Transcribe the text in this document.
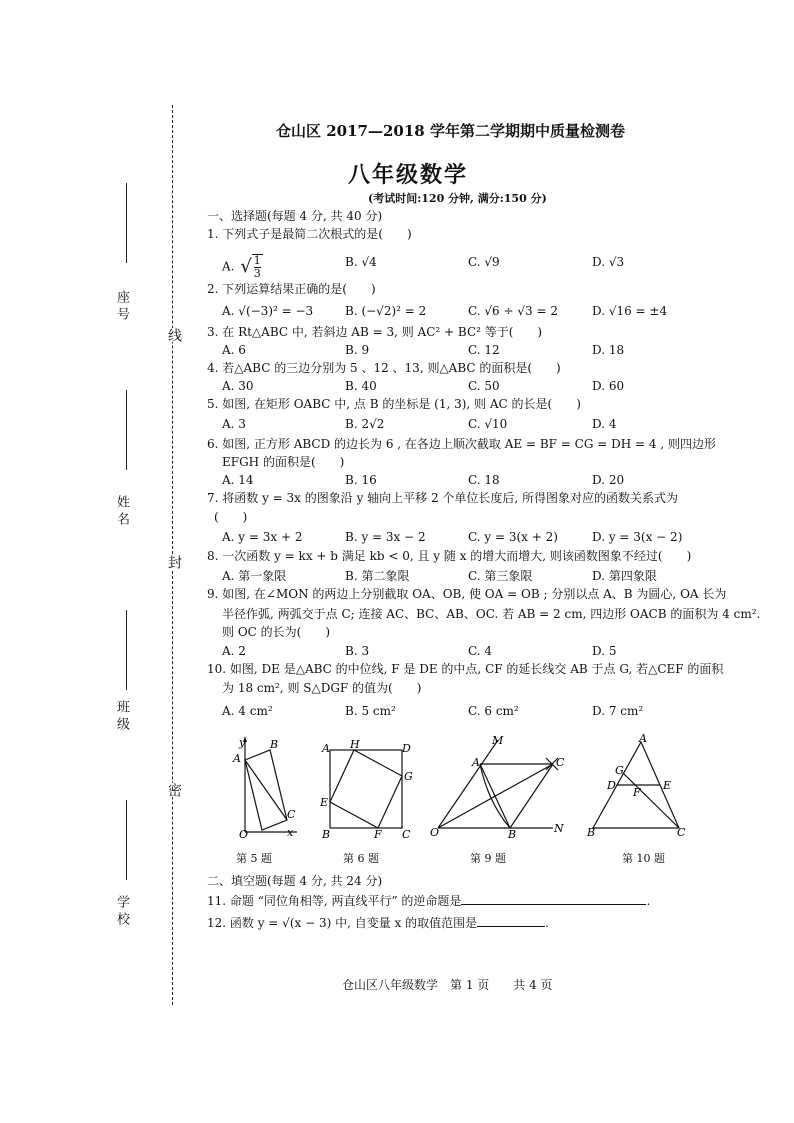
座号
姓名
班级
学校
线
封
密
仓山区 2017—2018 学年第二学期期中质量检测卷
八年级数学
(考试时间:120 分钟, 满分:150 分)
一、选择题(每题 4 分, 共 40 分)
1. 下列式子是最简二次根式的是(　　)
A. √ $\frac{1}{3}$	B. √4	C. √9	D. √3
2. 下列运算结果正确的是(　　)
A. √(−3)² = −3	B. (−√2)² = 2	C. √6 ÷ √3 = 2	D. √16 = ±4
3. 在 Rt△ABC 中, 若斜边 AB = 3, 则 AC² + BC² 等于(　　)
A. 6	B. 9	C. 12	D. 18
4. 若△ABC 的三边分别为 5 、12 、13, 则△ABC 的面积是(　　)
A. 30	B. 40	C. 50	D. 60
5. 如图, 在矩形 OABC 中, 点 B 的坐标是 (1, 3), 则 AC 的长是(　　)
A. 3	B. 2√2	C. √10	D. 4
6. 如图, 正方形 ABCD 的边长为 6 , 在各边上顺次截取 AE = BF = CG = DH = 4 , 则四边形
EFGH 的面积是(　　)
A. 14	B. 16	C. 18	D. 20
7. 将函数 y = 3x 的图象沿 y 轴向上平移 2 个单位长度后, 所得图象对应的函数关系式为
(　　)
A. y = 3x + 2	B. y = 3x − 2	C. y = 3(x + 2)	D. y = 3(x − 2)
8. 一次函数 y = kx + b 满足 kb < 0, 且 y 随 x 的增大而增大, 则该函数图象不经过(　　)
A. 第一象限	B. 第二象限	C. 第三象限	D. 第四象限
9. 如图, 在∠MON 的两边上分别截取 OA、OB, 使 OA = OB ; 分别以点 A、B 为圆心, OA 长为
半径作弧, 两弧交于点 C; 连接 AC、BC、AB、OC. 若 AB = 2 cm, 四边形 OACB 的面积为 4 cm².
则 OC 的长为(　　)
A. 2	B. 3	C. 4	D. 5
10. 如图, DE 是△ABC 的中位线, F 是 DE 的中点, CF 的延长线交 AB 于点 G, 若△CEF 的面积
为 18 cm², 则 S△DGF 的值为(　　)
A. 4 cm²	B. 5 cm²	C. 6 cm²	D. 7 cm²
y
x
O
A
B
C
A H	D
G
E
B	F C
M
A	C
O	B	N
A
G
D
F
E
B	C
第 5 题	第 6 题	第 9 题	第 10 题
二、填空题(每题 4 分, 共 24 分)
11. 命题 “同位角相等, 两直线平行” 的逆命题是	.
12. 函数 y = √(x − 3) 中, 自变量 x 的取值范围是	.
仓山区八年级数学　第 1 页　　共 4 页
